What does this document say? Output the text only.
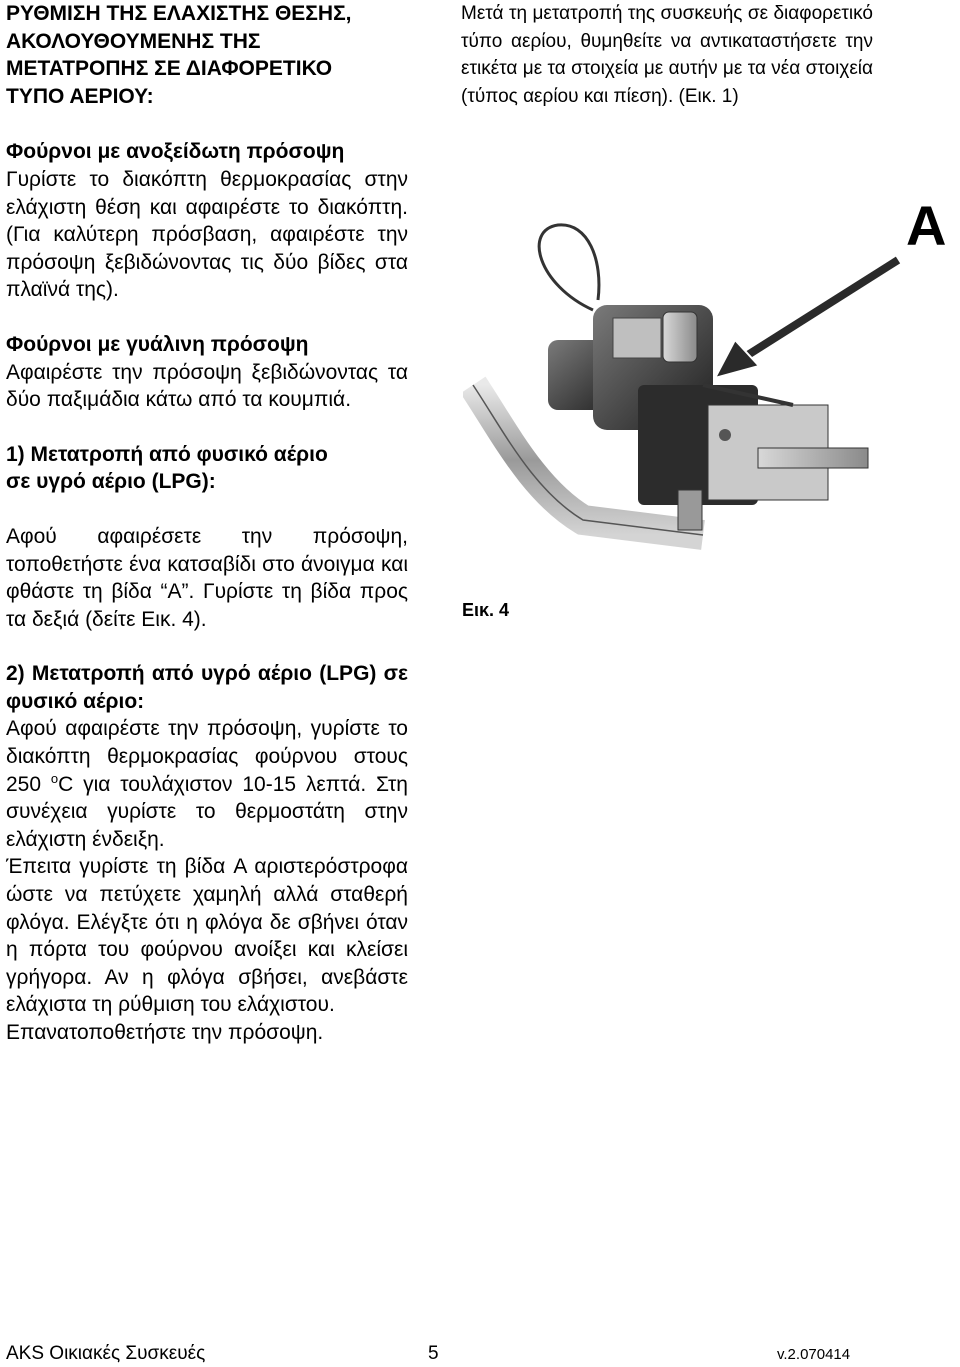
ΡΥΘΜΙΣΗ ΤΗΣ ΕΛΑΧΙΣΤΗΣ ΘΕΣΗΣ,

ΑΚΟΛΟΥΘΟΥΜΕΝΗΣ ΤΗΣ

ΜΕΤΑΤΡΟΠΗΣ ΣΕ ΔΙΑΦΟΡΕΤΙΚΟ

ΤΥΠΟ ΑΕΡΙΟΥ:

Φούρνοι με ανοξείδωτη πρόσοψη

Γυρίστε το διακόπτη θερμοκρασίας στην ελάχιστη θέση και αφαιρέστε το διακόπτη. (Για καλύτερη πρόσβαση, αφαιρέστε την πρόσοψη ξεβιδώνοντας τις δύο βίδες στα πλαϊνά της).

Φούρνοι με γυάλινη πρόσοψη

Αφαιρέστε την πρόσοψη ξεβιδώνοντας τα δύο παξιμάδια κάτω από τα κουμπιά.

1) Μετατροπή από φυσικό αέριο

σε υγρό αέριο (LPG):

Αφού αφαιρέσετε την πρόσοψη, τοποθετήστε ένα κατσαβίδι στο άνοιγμα και φθάστε τη βίδα “A”. Γυρίστε τη βίδα προς τα δεξιά (δείτε Εικ. 4).

2) Μετατροπή από υγρό αέριο (LPG) σε φυσικό αέριο:

Αφού αφαιρέστε την πρόσοψη, γυρίστε το διακόπτη θερμοκρασίας φούρνου στους 250 $^o$C για τουλάχιστον 10-15 λεπτά. Στη συνέχεια γυρίστε το θερμοστάτη στην ελάχιστη ένδειξη.

Έπειτα γυρίστε τη βίδα A αριστερόστροφα ώστε να πετύχετε χαμηλή αλλά σταθερή φλόγα. Ελέγξτε ότι η φλόγα δε σβήνει όταν η πόρτα του φούρνου ανοίξει και κλείσει γρήγορα. Αν η φλόγα σβήσει, ανεβάστε ελάχιστα τη ρύθμιση του ελάχιστου.

Επανατοποθετήστε την πρόσοψη.

Μετά τη μετατροπή της συσκευής σε διαφορετικό τύπο αερίου, θυμηθείτε να αντικαταστήσετε την ετικέτα με τα στοιχεία με αυτήν με τα νέα στοιχεία (τύπος αερίου και πίεση). (Εικ. 1)

A
Εικ. 4
AKS Οικιακές Συσκευές	5	v.2.070414
